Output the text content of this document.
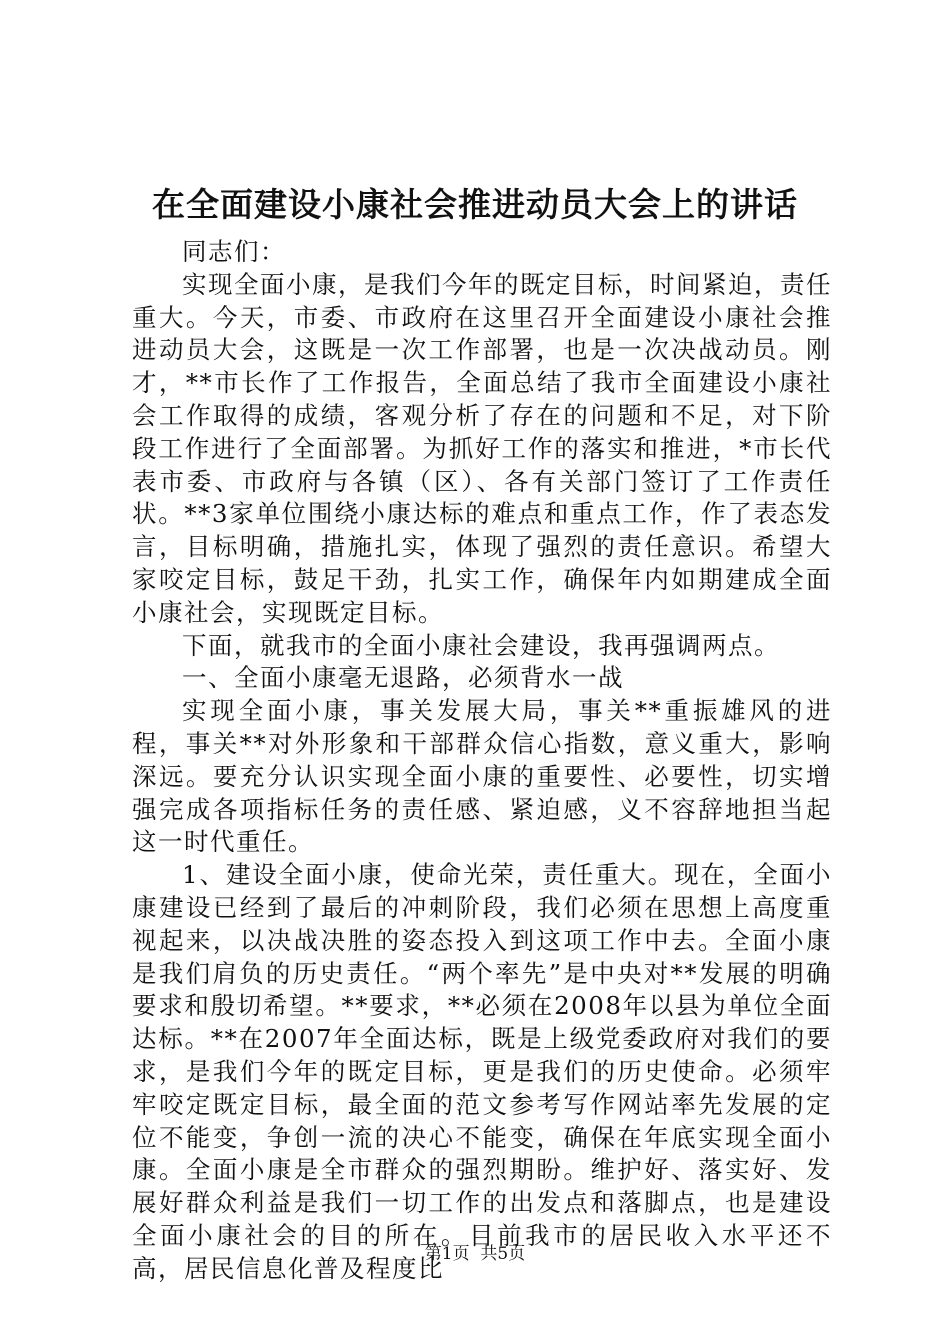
在全面建设小康社会推进动员大会上的讲话

同志们：

实现全面小康，是我们今年的既定目标，时间紧迫，责任重大。今天，市委、市政府在这里召开全面建设小康社会推进动员大会，这既是一次工作部署，也是一次决战动员。刚才，**市长作了工作报告，全面总结了我市全面建设小康社会工作取得的成绩，客观分析了存在的问题和不足，对下阶段工作进行了全面部署。为抓好工作的落实和推进，*市长代表市委、市政府与各镇（区）、各有关部门签订了工作责任状。**3家单位围绕小康达标的难点和重点工作，作了表态发言，目标明确，措施扎实，体现了强烈的责任意识。希望大家咬定目标，鼓足干劲，扎实工作，确保年内如期建成全面小康社会，实现既定目标。

下面，就我市的全面小康社会建设，我再强调两点。

一、全面小康毫无退路，必须背水一战

实现全面小康，事关发展大局，事关**重振雄风的进程，事关**对外形象和干部群众信心指数，意义重大，影响深远。要充分认识实现全面小康的重要性、必要性，切实增强完成各项指标任务的责任感、紧迫感，义不容辞地担当起这一时代重任。

1、建设全面小康，使命光荣，责任重大。现在，全面小康建设已经到了最后的冲刺阶段，我们必须在思想上高度重视起来，以决战决胜的姿态投入到这项工作中去。全面小康是我们肩负的历史责任。“两个率先”是中央对**发展的明确要求和殷切希望。**要求，**必须在2008年以县为单位全面达标。**在2007年全面达标，既是上级党委政府对我们的要求，是我们今年的既定目标，更是我们的历史使命。必须牢牢咬定既定目标，最全面的范文参考写作网站率先发展的定位不能变，争创一流的决心不能变，确保在年底实现全面小康。全面小康是全市群众的强烈期盼。维护好、落实好、发展好群众利益是我们一切工作的出发点和落脚点，也是建设全面小康社会的目的所在。目前我市的居民收入水平还不高，居民信息化普及程度比

第1页 共5页
